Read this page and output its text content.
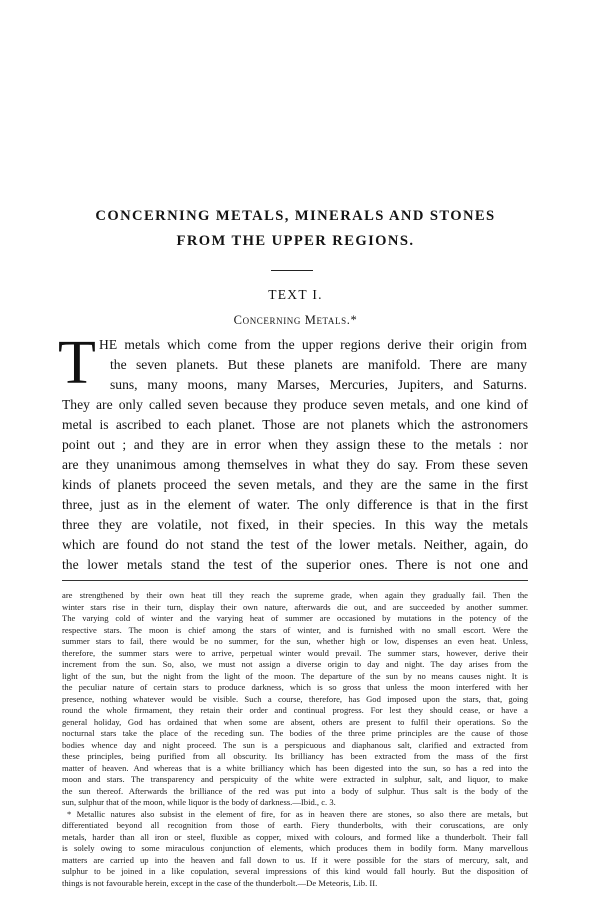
CONCERNING METALS, MINERALS AND STONES
FROM THE UPPER REGIONS.
TEXT I.
Concerning Metals.*
T HE metals which come from the upper regions derive their origin from

the seven planets. But these planets are manifold. There are many

suns, many moons, many Marses, Mercuries, Jupiters, and Saturns.

They are only called seven because they produce seven metals, and one kind of

metal is ascribed to each planet. Those are not planets which the astronomers

point out ; and they are in error when they assign these to the metals : nor

are they unanimous among themselves in what they do say. From these seven

kinds of planets proceed the seven metals, and they are the same in the first

three, just as in the element of water. The only difference is that in the first

three they are volatile, not fixed, in their species. In this way the metals

which are found do not stand the test of the lower metals. Neither, again, do

the lower metals stand the test of the superior ones. There is not one and

are strengthened by their own heat till they reach the supreme grade, when again they gradually fail. Then the

winter stars rise in their turn, display their own nature, afterwards die out, and are succeeded by another summer.

The varying cold of winter and the varying heat of summer are occasioned by mutations in the potency of the

respective stars. The moon is chief among the stars of winter, and is furnished with no small escort. Were the

summer stars to fail, there would be no summer, for the sun, whether high or low, dispenses an even heat. Unless,

therefore, the summer stars were to arrive, perpetual winter would prevail. The summer stars, however, derive their

increment from the sun. So, also, we must not assign a diverse origin to day and night. The day arises from the

light of the sun, but the night from the light of the moon. The departure of the sun by no means causes night. It is

the peculiar nature of certain stars to produce darkness, which is so gross that unless the moon interfered with her

presence, nothing whatever would be visible. Such a course, therefore, has God imposed upon the stars, that, going

round the whole firmament, they retain their order and continual progress. For lest they should cease, or have a

general holiday, God has ordained that when some are absent, others are present to fulfil their operations. So the

nocturnal stars take the place of the receding sun. The bodies of the three prime principles are the cause of those

bodies whence day and night proceed. The sun is a perspicuous and diaphanous salt, clarified and extracted from

these principles, being purified from all obscurity. Its brilliancy has been extracted from the mass of the first

matter of heaven. And whereas that is a white brilliancy which has been digested into the sun, so has a red into the

moon and stars. The transparency and perspicuity of the white were extracted in sulphur, salt, and liquor, to make

the sun thereof. Afterwards the brilliance of the red was put into a body of sulphur. Thus salt is the body of the

sun, sulphur that of the moon, while liquor is the body of darkness.—Ibid., c. 3.

* Metallic natures also subsist in the element of fire, for as in heaven there are stones, so also there are metals, but

differentiated beyond all recognition from those of earth. Fiery thunderbolts, with their coruscations, are only

metals, harder than all iron or steel, fluxible as copper, mixed with colours, and formed like a thunderbolt. Their fall

is solely owing to some miraculous conjunction of elements, which produces them in bodily form. Many marvellous

matters are carried up into the heaven and fall down to us. If it were possible for the stars of mercury, salt, and

sulphur to be joined in a like copulation, several impressions of this kind would fall hourly. But the disposition of

things is not favourable herein, except in the case of the thunderbolt.—De Meteoris, Lib. II.
